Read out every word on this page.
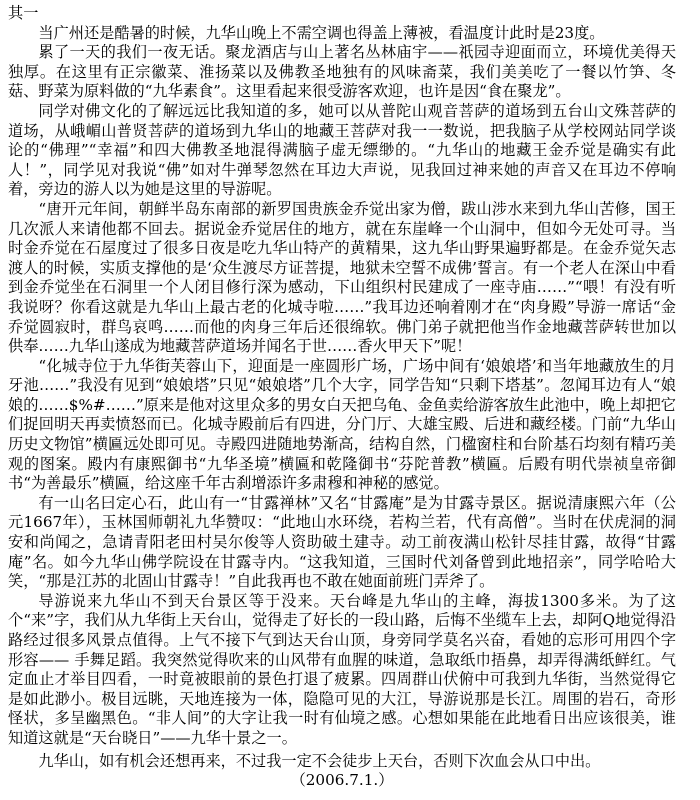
其一

当广州还是酷暑的时候，九华山晚上不需空调也得盖上薄被，看温度计此时是23度。

累了一天的我们一夜无话。聚龙酒店与山上著名丛林庙宇——祇园寺迎面而立，环境优美得天独厚。在这里有正宗徽菜、淮扬菜以及佛教圣地独有的风味斋菜，我们美美吃了一餐以竹笋、冬菇、野菜为原料做的“九华素食”。这里看起来很受游客欢迎，也许是因“食在聚龙”。

同学对佛文化的了解远远比我知道的多，她可以从普陀山观音菩萨的道场到五台山文殊菩萨的道场，从峨嵋山普贤菩萨的道场到九华山的地藏王菩萨对我一一数说，把我脑子从学校网站同学谈论的“佛理”“幸福”和四大佛教圣地混得满脑子虚无缥缈的。“九华山的地藏王金乔觉是确实有此人！”，同学见对我说“佛”如对牛弹琴忽然在耳边大声说，见我回过神来她的声音又在耳边不停响着，旁边的游人以为她是这里的导游呢。

“唐开元年间，朝鲜半岛东南部的新罗国贵族金乔觉出家为僧，跋山涉水来到九华山苦修，国王几次派人来请他都不回去。据说金乔觉居住的地方，就在东崖峰一个山洞中，但如今无处可寻。当时金乔觉在石屋度过了很多日夜是吃九华山特产的黄精果，这九华山野果遍野都是。在金乔觉矢志渡人的时候，实质支撑他的是‘众生渡尽方证菩提，地狱未空誓不成佛’誓言。有一个老人在深山中看到金乔觉坐在石洞里一个人闭目修行深为感动，下山组织村民建成了一座寺庙……”“喂！有没有听我说呀？你看这就是九华山上最古老的化城寺啦……”我耳边还响着刚才在“肉身殿”导游一席话“金乔觉圆寂时，群鸟哀鸣……而他的肉身三年后还很绵软。佛门弟子就把他当作金地藏菩萨转世加以供奉……九华山遂成为地藏菩萨道场并闻名于世……香火甲天下”呢！

“化城寺位于九华街芙蓉山下，迎面是一座圆形广场，广场中间有‘娘娘塔’和当年地藏放生的月牙池……”我没有见到“娘娘塔”只见“娘娘塔”几个大字，同学告知“只剩下塔基”。忽闻耳边有人“娘娘的……$%#……”原来是他对这里众多的男女白天把乌龟、金鱼卖给游客放生此池中，晚上却把它们捉回明天再卖愤怒而已。化城寺殿前后有四进，分门厅、大雄宝殿、后进和藏经楼。门前“九华山历史文物馆”横匾远处即可见。寺殿四进随地势渐高，结构自然，门楹窗柱和台阶基石均刻有精巧美观的图案。殿内有康熙御书“九华圣境”横匾和乾隆御书“芬陀普教”横匾。后殿有明代崇祯皇帝御书“为善最乐”横匾，给这座千年古刹增添许多肃穆和神秘的感觉。

有一山名曰定心石，此山有一“甘露禅林”又名“甘露庵”是为甘露寺景区。据说清康熙六年（公元1667年），玉林国师朝礼九华赞叹：“此地山水环绕，若构兰若，代有高僧”。当时在伏虎洞的洞安和尚闻之，急请青阳老田村吴尔俊等人资助破土建寺。动工前夜满山松针尽挂甘露，故得“甘露庵”名。如今九华山佛学院设在甘露寺内。“这我知道，三国时代刘备曾到此地招亲”，同学哈哈大笑，“那是江苏的北固山甘露寺！”自此我再也不敢在她面前班门弄斧了。

导游说来九华山不到天台景区等于没来。天台峰是九华山的主峰，海拔1300多米。为了这个“来”字，我们从九华街上天台山，觉得走了好长的一段山路，后悔不坐缆车上去，却阿Q地觉得沿路经过很多风景点值得。上气不接下气到达天台山顶，身旁同学莫名兴奋，看她的忘形可用四个字形容—— 手舞足蹈。我突然觉得吹来的山风带有血腥的味道，急取纸巾捂鼻，却弄得满纸鲜红。气定血止才举目四看，一时竟被眼前的景色打退了疲累。四周群山伏俯中可我到九华街，当然觉得它是如此渺小。极目远眺，天地连接为一体，隐隐可见的大江，导游说那是长江。周围的岩石，奇形怪状，多呈幽黑色。“非人间”的大字让我一时有仙境之感。心想如果能在此地看日出应该很美，谁知道这就是“天台晓日”——九华十景之一。

九华山，如有机会还想再来，不过我一定不会徒步上天台，否则下次血会从口中出。

（2006.7.1.）
